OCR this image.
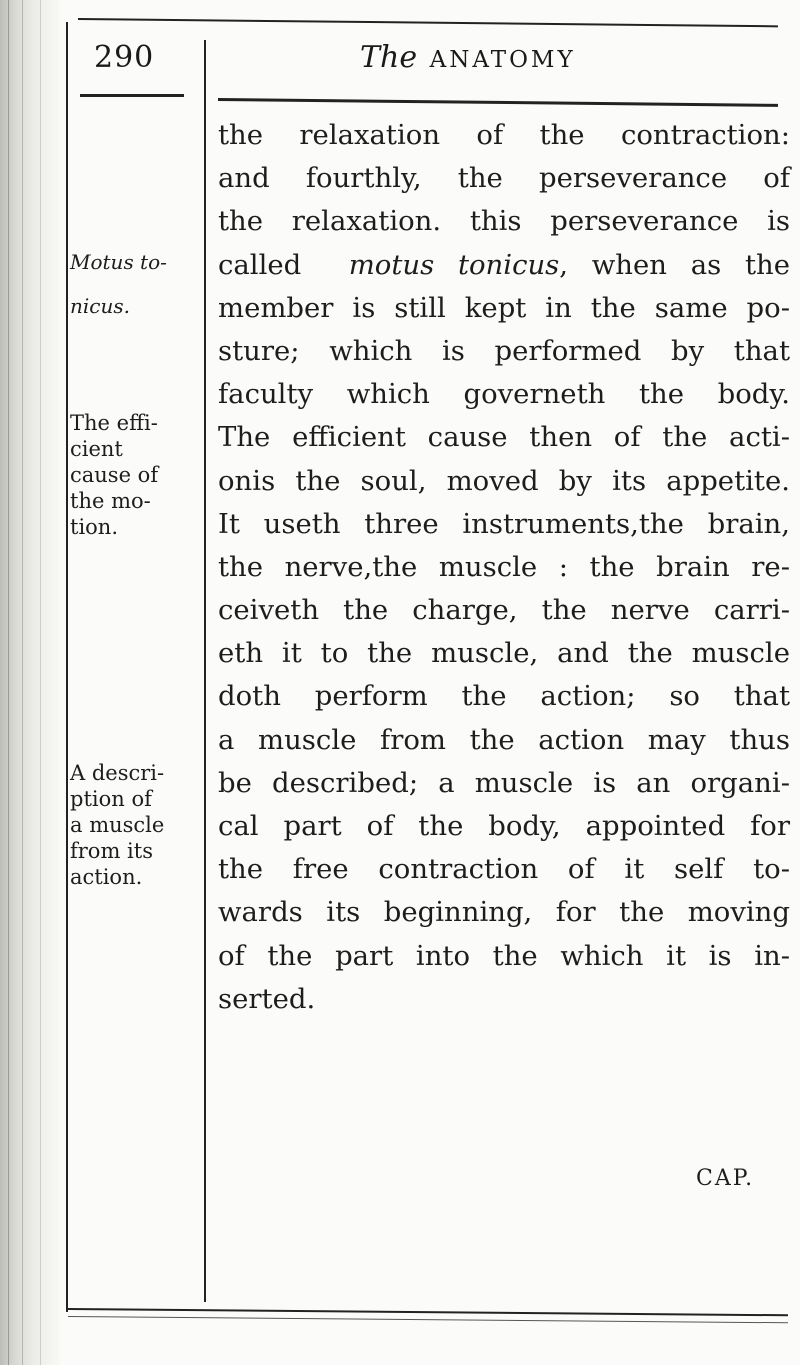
290	The ANATOMY
Motus to-
nicus.
The effi-
cient
cause of
the mo-
tion.
A descri-
ption of
a muscle
from its
action.
the relaxation of the contraction:
and fourthly, the perseverance of
the relaxation. this perseverance is
called motus tonicus, when as the
member is still kept in the same po-
sture; which is performed by that
faculty which governeth the body.
The efficient cause then of the acti-
onis the soul, moved by its appetite.
It useth three instruments,the brain,
the nerve,the muscle : the brain re-
ceiveth the charge, the nerve carri-
eth it to the muscle, and the muscle
doth perform the action; so that
a muscle from the action may thus
be described; a muscle is an organi-
cal part of the body, appointed for
the free contraction of it self to-
wards its beginning, for the moving
of the part into the which it is in-
serted.
CAP.
